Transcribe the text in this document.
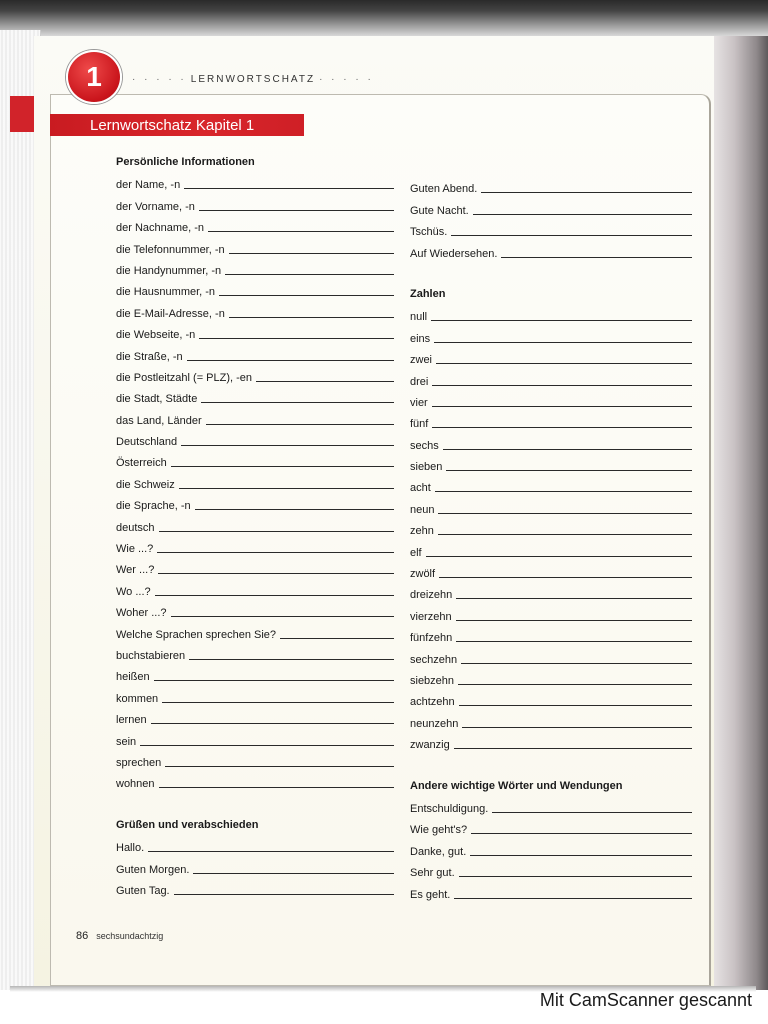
1	· · · · · LERNWORTSCHATZ · · · · ·
Lernwortschatz Kapitel 1
Persönliche Informationen
der Name, -n
der Vorname, -n
der Nachname, -n
die Telefonnummer, -n
die Handynummer, -n
die Hausnummer, -n
die E-Mail-Adresse, -n
die Webseite, -n
die Straße, -n
die Postleitzahl (= PLZ), -en
die Stadt, Städte
das Land, Länder
Deutschland
Österreich
die Schweiz
die Sprache, -n
deutsch
Wie ...?
Wer ...?
Wo ...?
Woher ...?
Welche Sprachen sprechen Sie?
buchstabieren
heißen
kommen
lernen
sein
sprechen
wohnen
Grüßen und verabschieden
Hallo.
Guten Morgen.
Guten Tag.
Guten Abend.
Gute Nacht.
Tschüs.
Auf Wiedersehen.
Zahlen
null
eins
zwei
drei
vier
fünf
sechs
sieben
acht
neun
zehn
elf
zwölf
dreizehn
vierzehn
fünfzehn
sechzehn
siebzehn
achtzehn
neunzehn
zwanzig
Andere wichtige Wörter und Wendungen
Entschuldigung.
Wie geht's?
Danke, gut.
Sehr gut.
Es geht.
86 sechsundachtzig
Mit CamScanner gescannt
